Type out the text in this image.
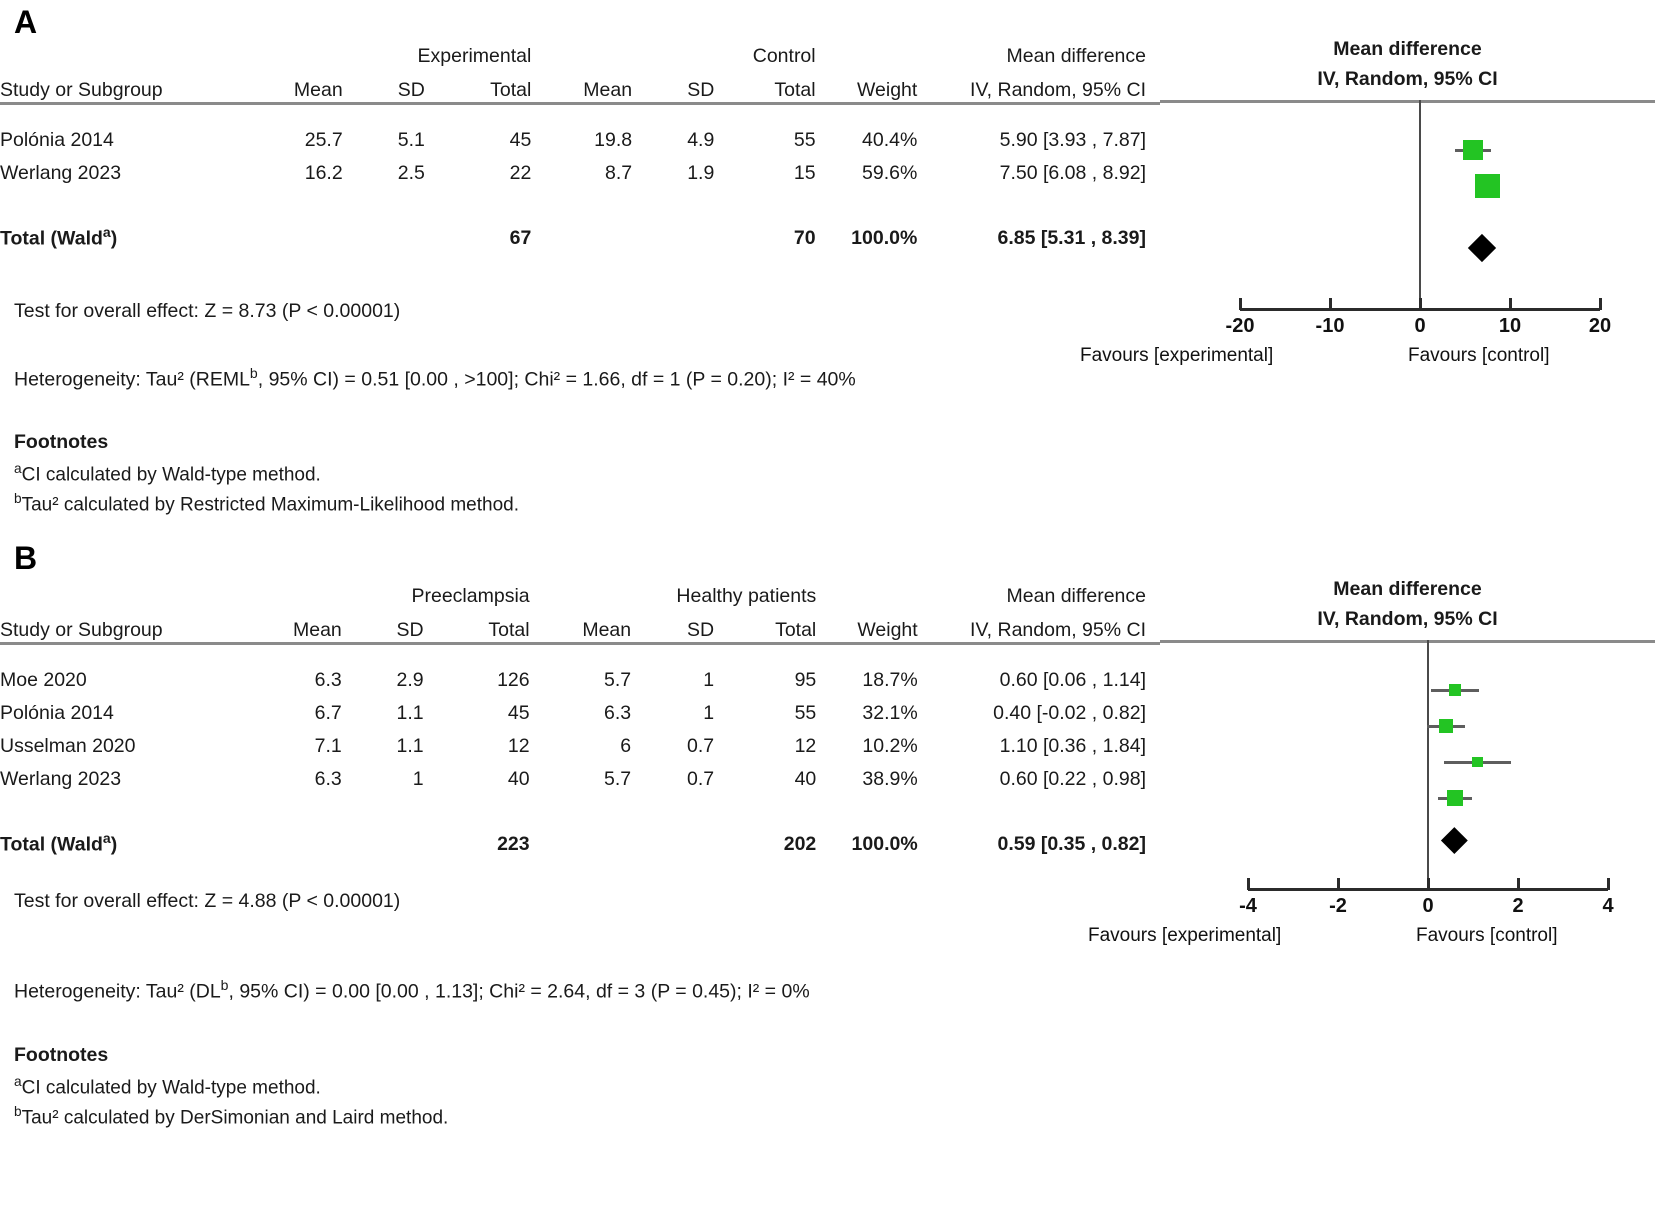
A
	Experimental			Control				Mean difference
Study or Subgroup	Mean	SD	Total	Mean	SD	Total	Weight	IV, Random, 95% CI

Polónia 2014	25.7	5.1	45	19.8	4.9	55	40.4%	5.90 [3.93 , 7.87]
Werlang 2023	16.2	2.5	22	8.7	1.9	15	59.6%	7.50 [6.08 , 8.92]

Total (Wald$^a$)			67			70	100.0%	6.85 [5.31 , 8.39]
Test for overall effect: Z = 8.73 (P < 0.00001)
Heterogeneity: Tau² (REML$^b$, 95% CI) = 0.51 [0.00 , >100]; Chi² = 1.66, df = 1 (P = 0.20); I² = 40%
Footnotes
$^a$CI calculated by Wald-type method.
$^b$Tau² calculated by Restricted Maximum-Likelihood method.
Mean difference
IV, Random, 95% CI
-20	-10	0	10	20
Favours [experimental]	Favours [control]
B
	Preeclampsia			Healthy patients				Mean difference
Study or Subgroup	Mean	SD	Total	Mean	SD	Total	Weight	IV, Random, 95% CI

Moe 2020	6.3	2.9	126	5.7	1	95	18.7%	0.60 [0.06 , 1.14]
Polónia 2014	6.7	1.1	45	6.3	1	55	32.1%	0.40 [-0.02 , 0.82]
Usselman 2020	7.1	1.1	12	6	0.7	12	10.2%	1.10 [0.36 , 1.84]
Werlang 2023	6.3	1	40	5.7	0.7	40	38.9%	0.60 [0.22 , 0.98]

Total (Wald$^a$)			223			202	100.0%	0.59 [0.35 , 0.82]
Test for overall effect: Z = 4.88 (P < 0.00001)
Heterogeneity: Tau² ($DL^b$, 95% CI) = 0.00 [0.00 , 1.13]; Chi² = 2.64, df = 3 (P = 0.45); I² = 0%
Footnotes
$^a$CI calculated by Wald-type method.
$^b$Tau² calculated by DerSimonian and Laird method.
Mean difference
IV, Random, 95% CI
-4	-2	0	2	4
Favours [experimental]	Favours [control]
